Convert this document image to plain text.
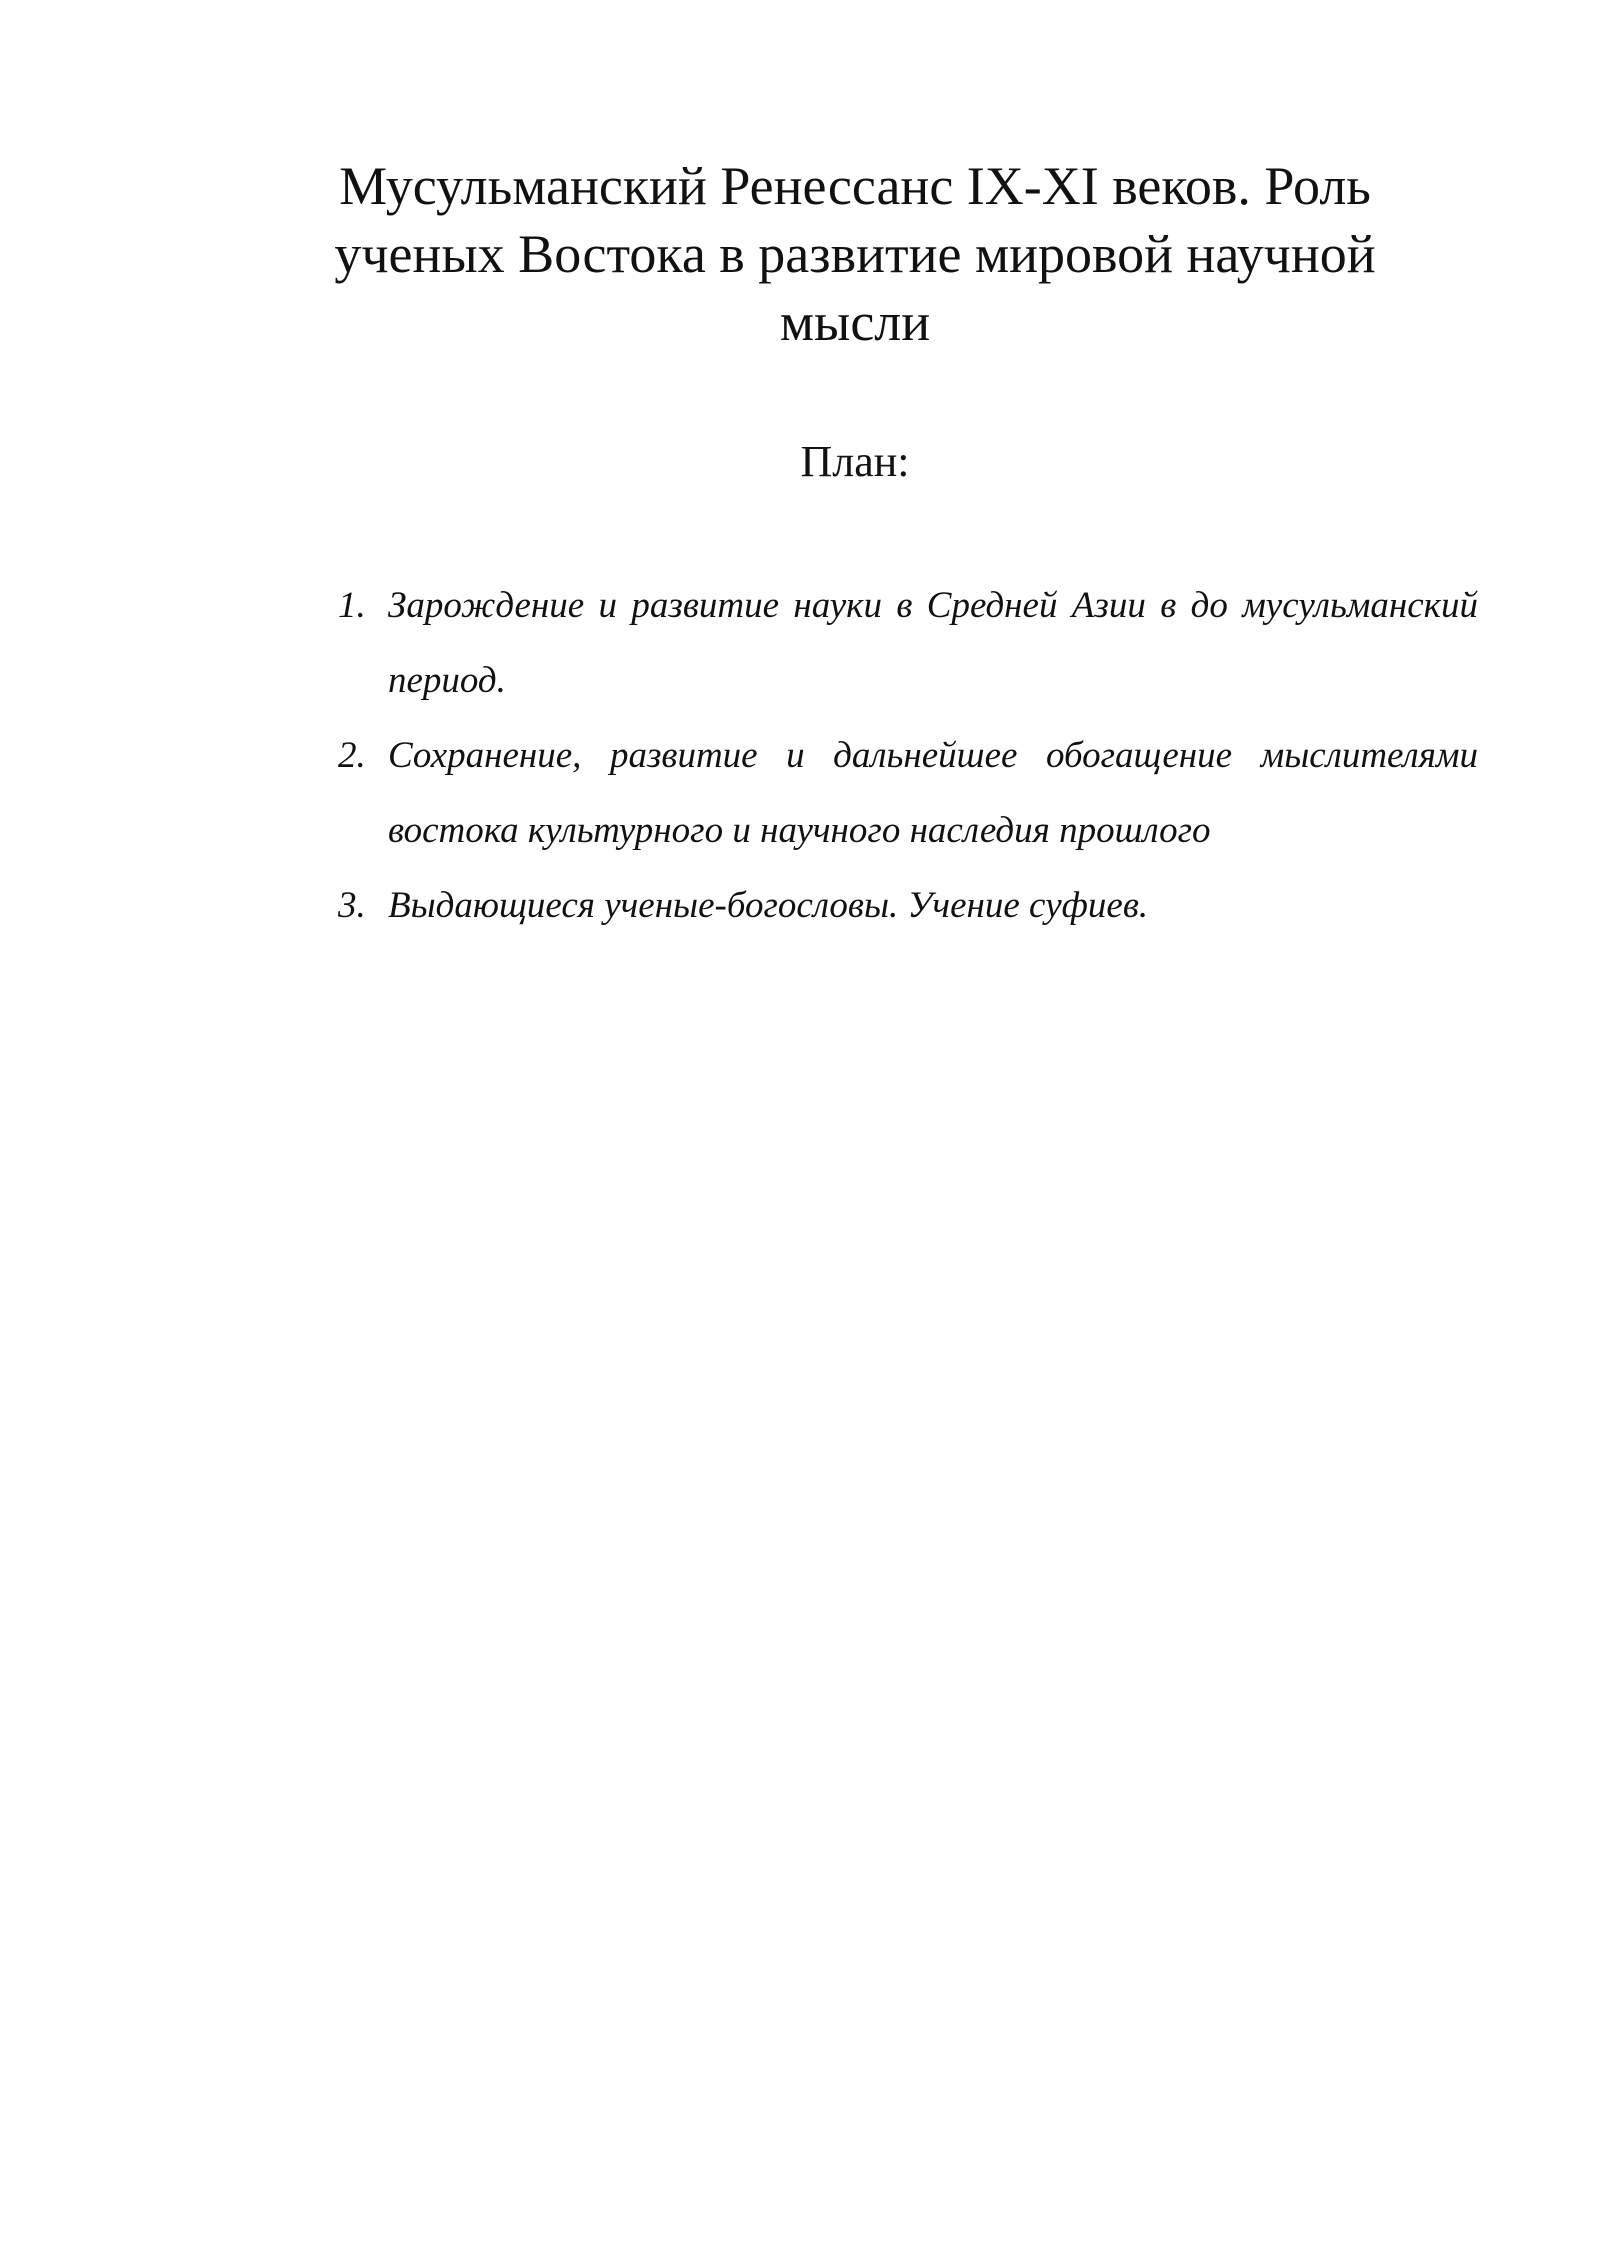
Мусульманский Ренессанс IX-XI веков. Роль ученых Востока в развитие мировой научной мысли
План:
1. Зарождение и развитие науки в Средней Азии в до мусульманский период.
2. Сохранение, развитие и дальнейшее обогащение мыслителями востока культурного и научного наследия прошлого
3. Выдающиеся ученые-богословы. Учение суфиев.
